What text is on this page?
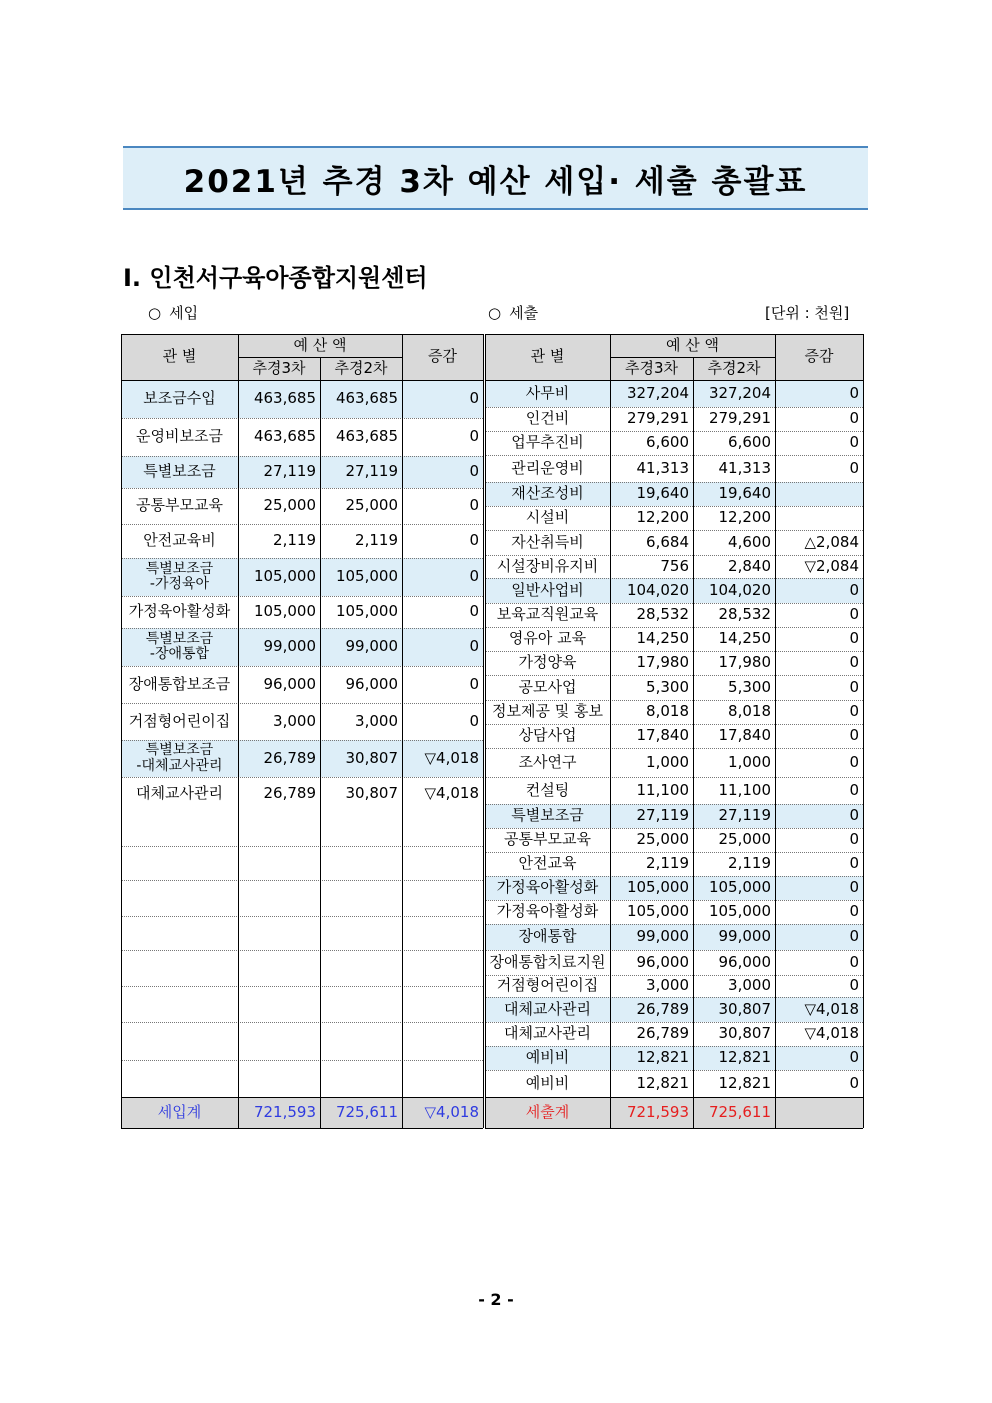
2021년 추경 3차 예산 세입· 세출 총괄표
Ⅰ. 인천서구육아종합지원센터
○ 세입	○ 세출	[단위 : 천원]
관 별
예 산 액
추경3차	추경2차
증감
보조금수입	463,685	463,685	0
운영비보조금	463,685	463,685	0
특별보조금	27,119	27,119	0
공통부모교육	25,000	25,000	0
안전교육비	2,119	2,119	0
특별보조금
-가정육아	105,000	105,000	0
가정육아활성화	105,000	105,000	0
특별보조금
-장애통합	99,000	99,000	0
장애통합보조금	96,000	96,000	0
거점형어린이집	3,000	3,000	0
특별보조금
-대체교사관리	26,789	30,807	▽4,018
대체교사관리	26,789	30,807	▽4,018
세입계	721,593	725,611	▽4,018
관 별
예 산 액
추경3차	추경2차
증감
사무비	327,204	327,204	0
인건비	279,291	279,291	0
업무추진비	6,600	6,600	0
관리운영비	41,313	41,313	0
재산조성비	19,640	19,640
시설비	12,200	12,200
자산취득비	6,684	4,600	△2,084
시설장비유지비	756	2,840	▽2,084
일반사업비	104,020	104,020	0
보육교직원교육	28,532	28,532	0
영유아 교육	14,250	14,250	0
가정양육	17,980	17,980	0
공모사업	5,300	5,300	0
정보제공 및 홍보	8,018	8,018	0
상담사업	17,840	17,840	0
조사연구	1,000	1,000	0
컨설팅	11,100	11,100	0
특별보조금	27,119	27,119	0
공통부모교육	25,000	25,000	0
안전교육	2,119	2,119	0
가정육아활성화	105,000	105,000	0
가정육아활성화	105,000	105,000	0
장애통합	99,000	99,000	0
장애통합치료지원	96,000	96,000	0
거점형어린이집	3,000	3,000	0
대체교사관리	26,789	30,807	▽4,018
대체교사관리	26,789	30,807	▽4,018
예비비	12,821	12,821	0
예비비	12,821	12,821	0
세출계	721,593	725,611
- 2 -
